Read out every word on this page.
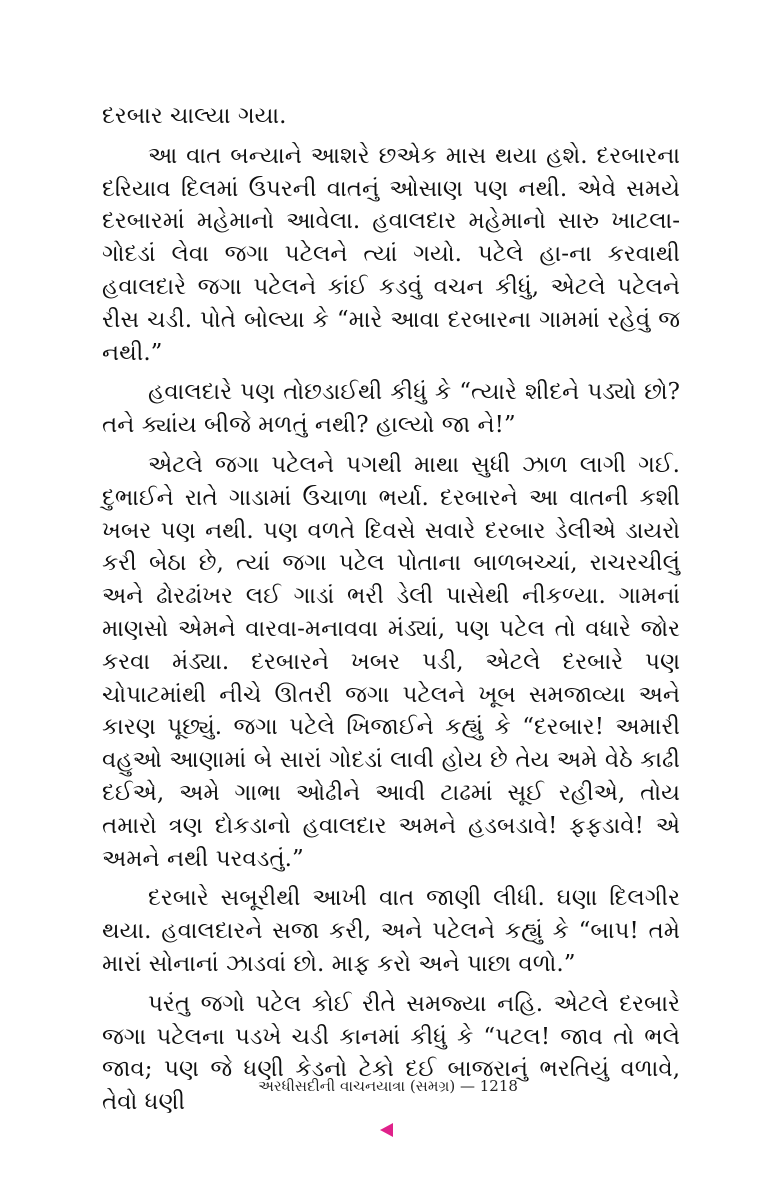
દરબાર ચાલ્યા ગયા.

આ વાત બન્યાને આશરે છએક માસ થયા હશે. દરબારના દરિયાવ દિલમાં ઉપરની વાતનું ઓસાણ પણ નથી. એવે સમયે દરબારમાં મહેમાનો આવેલા. હવાલદાર મહેમાનો સારુ ખાટલા-ગોદડાં લેવા જગા પટેલને ત્યાં ગયો. પટેલે હા-ના કરવાથી હવાલદારે જગા પટેલને કાંઈ કડવું વચન કીધું, એટલે પટેલને રીસ ચડી. પોતે બોલ્યા કે “મારે આવા દરબારના ગામમાં રહેવું જ નથી.”

હવાલદારે પણ તોછડાઈથી કીધું કે “ત્યારે શીદને પડ્યો છો? તને ક્યાંય બીજે મળતું નથી? હાલ્યો જા ને!”

એટલે જગા પટેલને પગથી માથા સુધી ઝાળ લાગી ગઈ. દુભાઈને રાતે ગાડામાં ઉચાળા ભર્યા. દરબારને આ વાતની કશી ખબર પણ નથી. પણ વળતે દિવસે સવારે દરબાર ડેલીએ ડાયરો કરી બેઠા છે, ત્યાં જગા પટેલ પોતાના બાળબચ્ચાં, રાચરચીલું અને ઢોરઢાંખર લઈ ગાડાં ભરી ડેલી પાસેથી નીકળ્યા. ગામનાં માણસો એમને વારવા-મનાવવા મંડ્યાં, પણ પટેલ તો વધારે જોર કરવા મંડ્યા. દરબારને ખબર પડી, એટલે દરબારે પણ ચોપાટમાંથી નીચે ઊતરી જગા પટેલને ખૂબ સમજાવ્યા અને કારણ પૂછ્યું. જગા પટેલે ખિજાઈને કહ્યું કે “દરબાર! અમારી વહુઓ આણામાં બે સારાં ગોદડાં લાવી હોય છે તેય અમે વેઠે કાઢી દઈએ, અમે ગાભા ઓઢીને આવી ટાઢમાં સૂઈ રહીએ, તોય તમારો ત્રણ દોકડાનો હવાલદાર અમને હડબડાવે! ફફડાવે! એ અમને નથી પરવડતું.”

દરબારે સબૂરીથી આખી વાત જાણી લીધી. ઘણા દિલગીર થયા. હવાલદારને સજા કરી, અને પટેલને કહ્યું કે “બાપ! તમે મારાં સોનાનાં ઝાડવાં છો. માફ કરો અને પાછા વળો.”

પરંતુ જગો પટેલ કોઈ રીતે સમજ્યા નહિ. એટલે દરબારે જગા પટેલના પડખે ચડી કાનમાં કીધું કે “પટલ! જાવ તો ભલે જાવ; પણ જે ધણી કેડનો ટેકો દઈ બાજરાનું ભરતિયું વળાવે, તેવો ધણી

અરધીસદીની વાચનયાત્રા (સમગ્ર) — 1218
